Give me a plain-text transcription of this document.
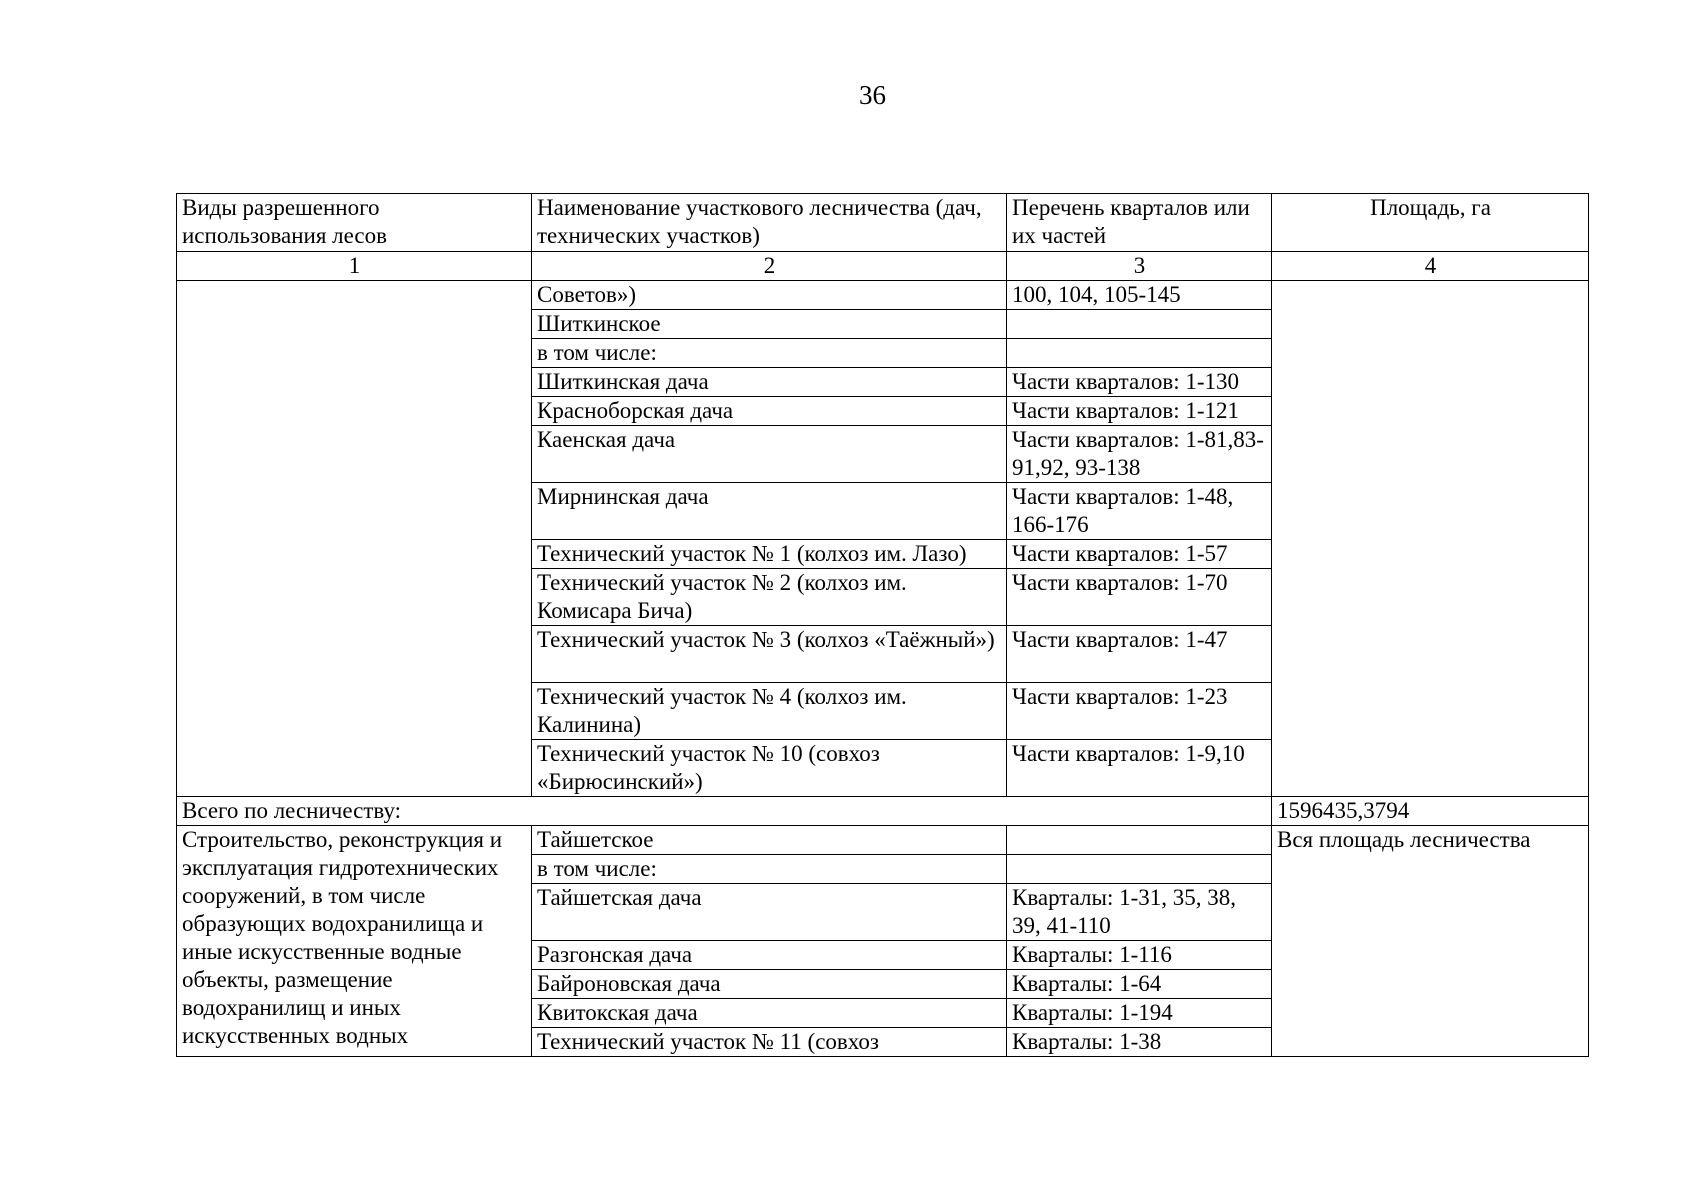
36
Виды разрешенного использования лесов	Наименование участкового лесничества (дач, технических участков)	Перечень кварталов или их частей	Площадь, га
1	2	3	4
	Советов»)	100, 104, 105-145	
	Шиткинское		
	в том числе:		
	Шиткинская дача	Части кварталов: 1-130	
	Красноборская дача	Части кварталов: 1-121	
	Каенская дача	Части кварталов: 1-81,83-91,92, 93-138	
	Мирнинская дача	Части кварталов: 1-48, 166-176	
	Технический участок № 1 (колхоз им. Лазо)	Части кварталов: 1-57	
	Технический участок № 2 (колхоз им. Комисара Бича)	Части кварталов: 1-70	
	Технический участок № 3 (колхоз «Таёжный»)	Части кварталов: 1-47	
	Технический участок № 4 (колхоз им. Калинина)	Части кварталов: 1-23	
	Технический участок № 10 (совхоз «Бирюсинский»)	Части кварталов: 1-9,10	
Всего по лесничеству:			1596435,3794
Строительство, реконструкция и эксплуатация гидротехнических сооружений, в том числе образующих водохранилища и иные искусственные водные объекты, размещение водохранилищ и иных искусственных водных	Тайшетское		Вся площадь лесничества
	в том числе:		
	Тайшетская дача	Кварталы: 1-31, 35, 38, 39, 41-110	
	Разгонская дача	Кварталы: 1-116	
	Байроновская дача	Кварталы: 1-64	
	Квитокская дача	Кварталы: 1-194	
	Технический участок № 11 (совхоз	Кварталы: 1-38	
